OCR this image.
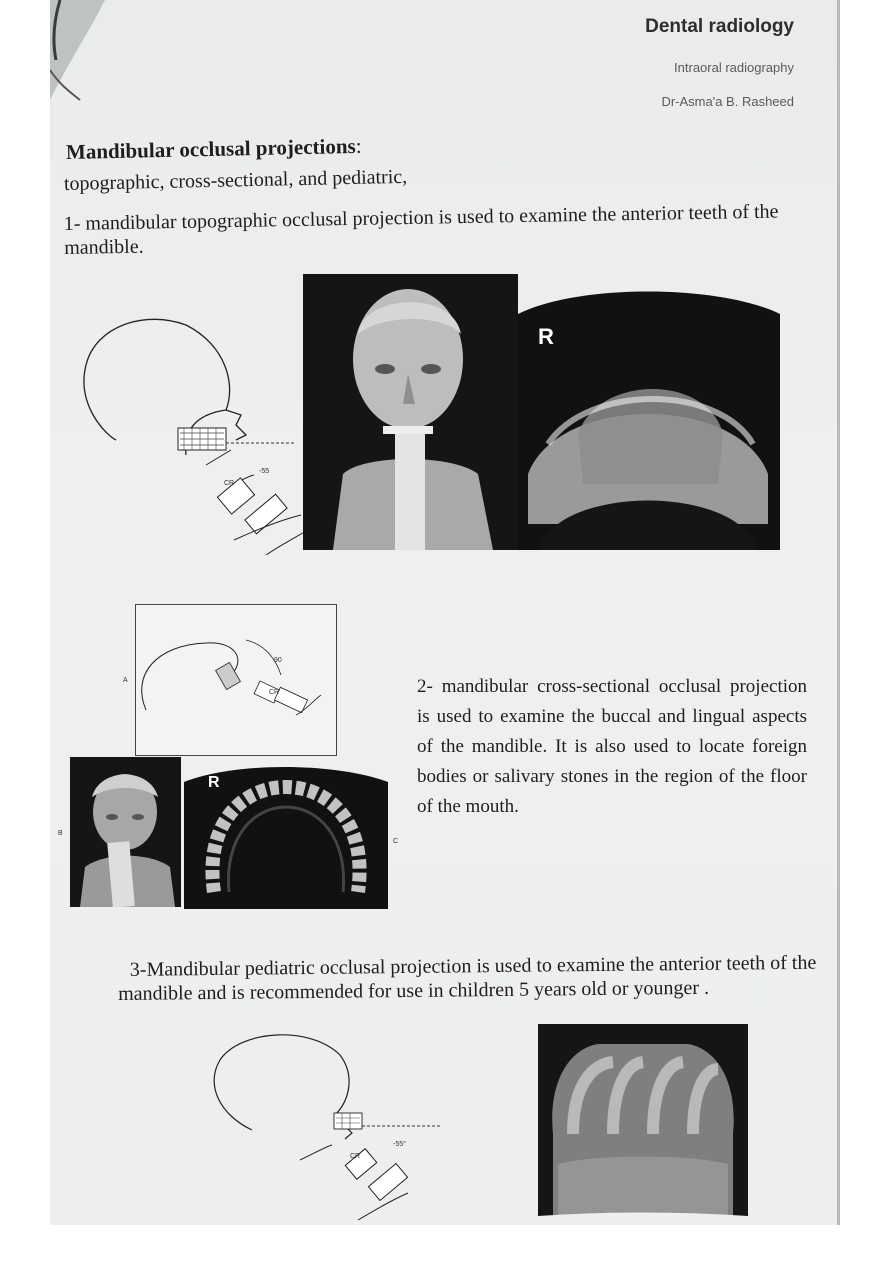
Dental radiology
Intraoral radiography
Dr-Asma'a B. Rasheed
Mandibular occlusal projections:
topographic, cross-sectional, and pediatric,
1- mandibular topographic occlusal projection is used to examine the anterior teeth of the mandible.
CR
-55
R
90
CR
A
B
C
R
2- mandibular cross-sectional occlusal projection is used to examine the buccal and lingual aspects of the mandible. It is also used to locate foreign bodies or salivary stones in the region of the floor of the mouth.
3-Mandibular pediatric occlusal projection is used to examine the anterior teeth of the mandible and is recommended for use in children 5 years old or younger .
CR
-55°
